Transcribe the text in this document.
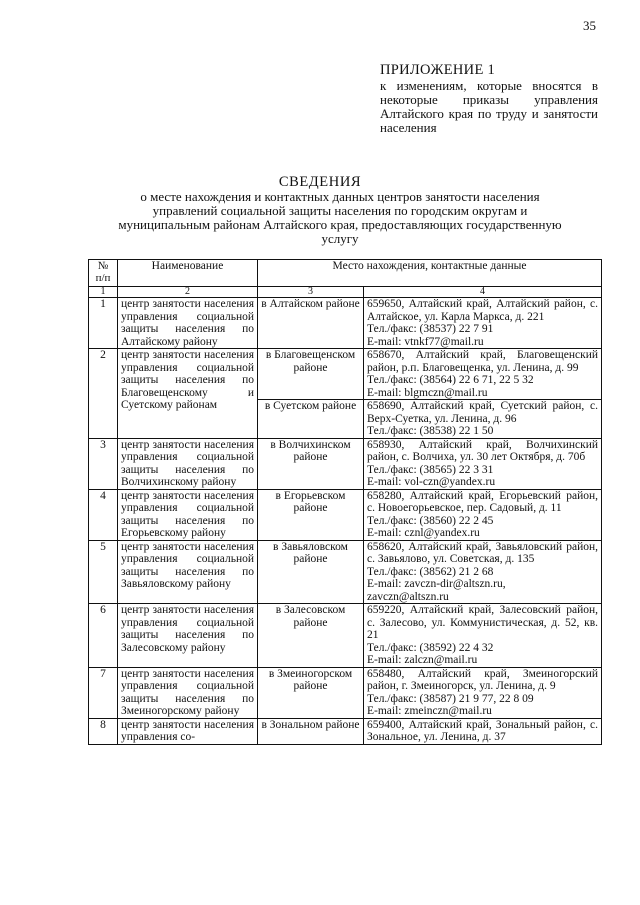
35
ПРИЛОЖЕНИЕ 1
к изменениям, которые вносятся в некоторые приказы управления Алтайского края по труду и занятости населения
СВЕДЕНИЯ
о месте нахождения и контактных данных центров занятости населения управлений социальной защиты населения по городским округам и муниципальным районам Алтайского края, предоставляющих государственную услугу
№ п/п	Наименование	Место нахождения, контактные данные	
1	2	3	4
1	центр занятости населения управления социальной защиты населения по Алтайскому району	в Алтайском районе	659650, Алтайский край, Алтайский район, с. Алтайское, ул. Карла Маркса, д. 221
Тел./факс: (38537) 22 7 91
E-mail: vtnkf77@mail.ru

2	центр занятости населения управления социальной защиты населения по Благовещенскому и Суетскому районам	в Благовещенском районе	658670, Алтайский край, Благовещенский район, р.п. Благовещенка, ул. Ленина, д. 99
Тел./факс: (38564) 22 6 71, 22 5 32
E-mail: blgmczn@mail.ru

		в Суетском районе	658690, Алтайский край, Суетский район, с. Верх-Суетка, ул. Ленина, д. 96
Тел./факс: (38538) 22 1 50

3	центр занятости населения управления социальной защиты населения по Волчихинскому району	в Волчихинском районе	658930, Алтайский край, Волчихинский район, с. Волчиха, ул. 30 лет Октября, д. 70б
Тел./факс: (38565) 22 3 31
E-mail: vol-czn@yandex.ru

4	центр занятости населения управления социальной защиты населения по Егорьевскому району	в Егорьевском районе	658280, Алтайский край, Егорьевский район, с. Новоегорьевское, пер. Садовый, д. 11
Тел./факс: (38560) 22 2 45
E-mail: cznl@yandex.ru

5	центр занятости населения управления социальной защиты населения по Завьяловскому району	в Завьяловском районе	658620, Алтайский край, Завьяловский район, с. Завьялово, ул. Советская, д. 135
Тел./факс: (38562) 21 2 68
E-mail: zavczn-dir@altszn.ru,
zavczn@altszn.ru

6	центр занятости населения управления социальной защиты населения по Залесовскому району	в Залесовском районе	659220, Алтайский край, Залесовский район, с. Залесово, ул. Коммунистическая, д. 52, кв. 21
Тел./факс: (38592) 22 4 32
E-mail: zalczn@mail.ru

7	центр занятости населения управления социальной защиты населения по Змеиногорскому району	в Змеиногорском районе	658480, Алтайский край, Змеиногорский район, г. Змеиногорск, ул. Ленина, д. 9
Тел./факс: (38587) 21 9 77, 22 8 09
E-mail: zmeinczn@mail.ru

8	центр занятости населения управления со-	в Зональном районе	659400, Алтайский край, Зональный район, с. Зональное, ул. Ленина, д. 37
